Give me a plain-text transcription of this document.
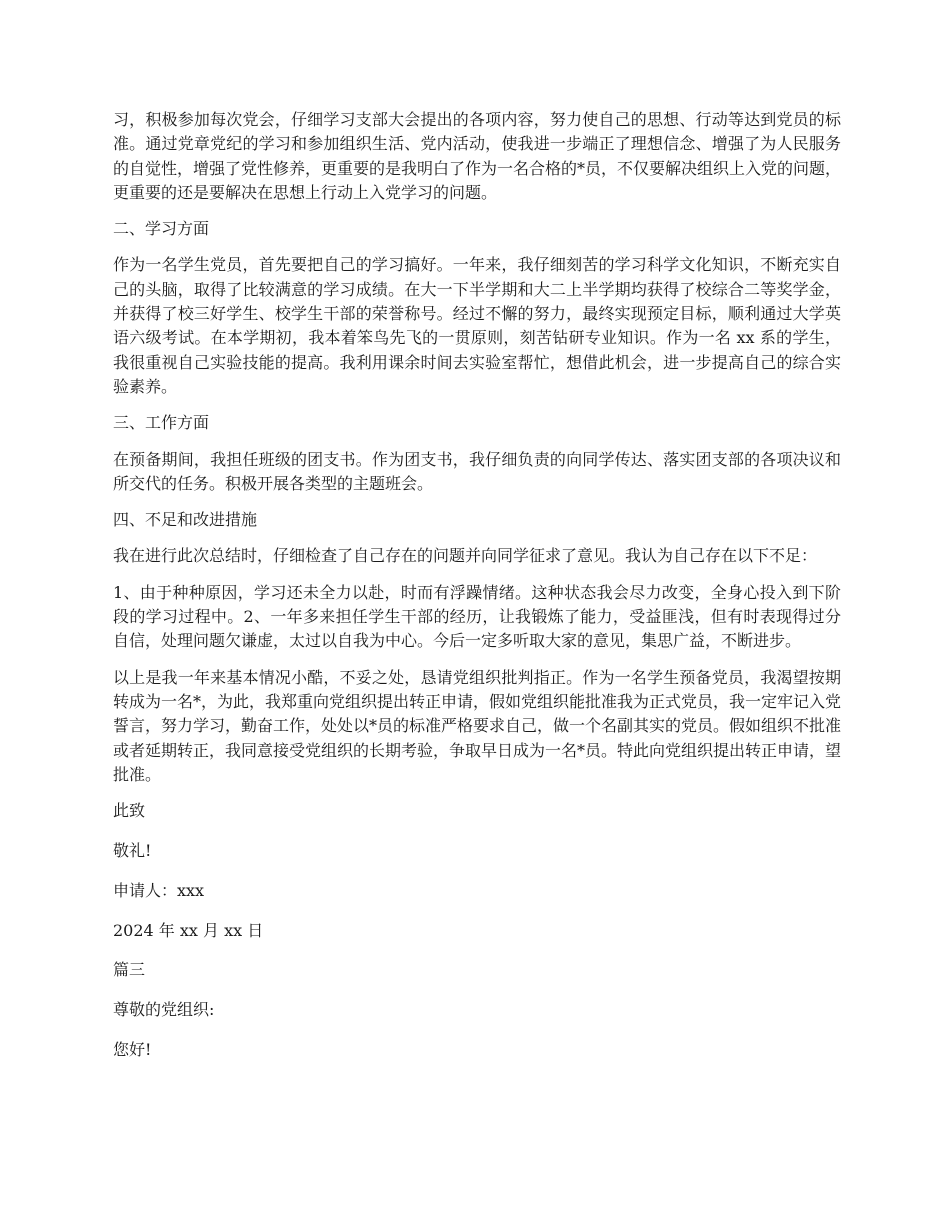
习，积极参加每次党会，仔细学习支部大会提出的各项内容，努力使自己的思想、行动等达到党员的标准。通过党章党纪的学习和参加组织生活、党内活动，使我进一步端正了理想信念、增强了为人民服务的自觉性，增强了党性修养，更重要的是我明白了作为一名合格的*员，不仅要解决组织上入党的问题，更重要的还是要解决在思想上行动上入党学习的问题。

二、学习方面

作为一名学生党员，首先要把自己的学习搞好。一年来，我仔细刻苦的学习科学文化知识，不断充实自己的头脑，取得了比较满意的学习成绩。在大一下半学期和大二上半学期均获得了校综合二等奖学金，并获得了校三好学生、校学生干部的荣誉称号。经过不懈的努力，最终实现预定目标，顺利通过大学英语六级考试。在本学期初，我本着笨鸟先飞的一贯原则，刻苦钻研专业知识。作为一名 xx 系的学生，我很重视自己实验技能的提高。我利用课余时间去实验室帮忙，想借此机会，进一步提高自己的综合实验素养。

三、工作方面

在预备期间，我担任班级的团支书。作为团支书，我仔细负责的向同学传达、落实团支部的各项决议和所交代的任务。积极开展各类型的主题班会。

四、不足和改进措施

我在进行此次总结时，仔细检查了自己存在的问题并向同学征求了意见。我认为自己存在以下不足：

1、由于种种原因，学习还未全力以赴，时而有浮躁情绪。这种状态我会尽力改变，全身心投入到下阶段的学习过程中。2、一年多来担任学生干部的经历，让我锻炼了能力，受益匪浅，但有时表现得过分自信，处理问题欠谦虚，太过以自我为中心。今后一定多听取大家的意见，集思广益，不断进步。

以上是我一年来基本情况小酷，不妥之处，恳请党组织批判指正。作为一名学生预备党员，我渴望按期转成为一名*，为此，我郑重向党组织提出转正申请，假如党组织能批准我为正式党员，我一定牢记入党誓言，努力学习，勤奋工作，处处以*员的标准严格要求自己，做一个名副其实的党员。假如组织不批准或者延期转正，我同意接受党组织的长期考验，争取早日成为一名*员。特此向党组织提出转正申请，望批准。

此致

敬礼!

申请人：xxx

2024 年 xx 月 xx 日

篇三

尊敬的党组织:

您好!
